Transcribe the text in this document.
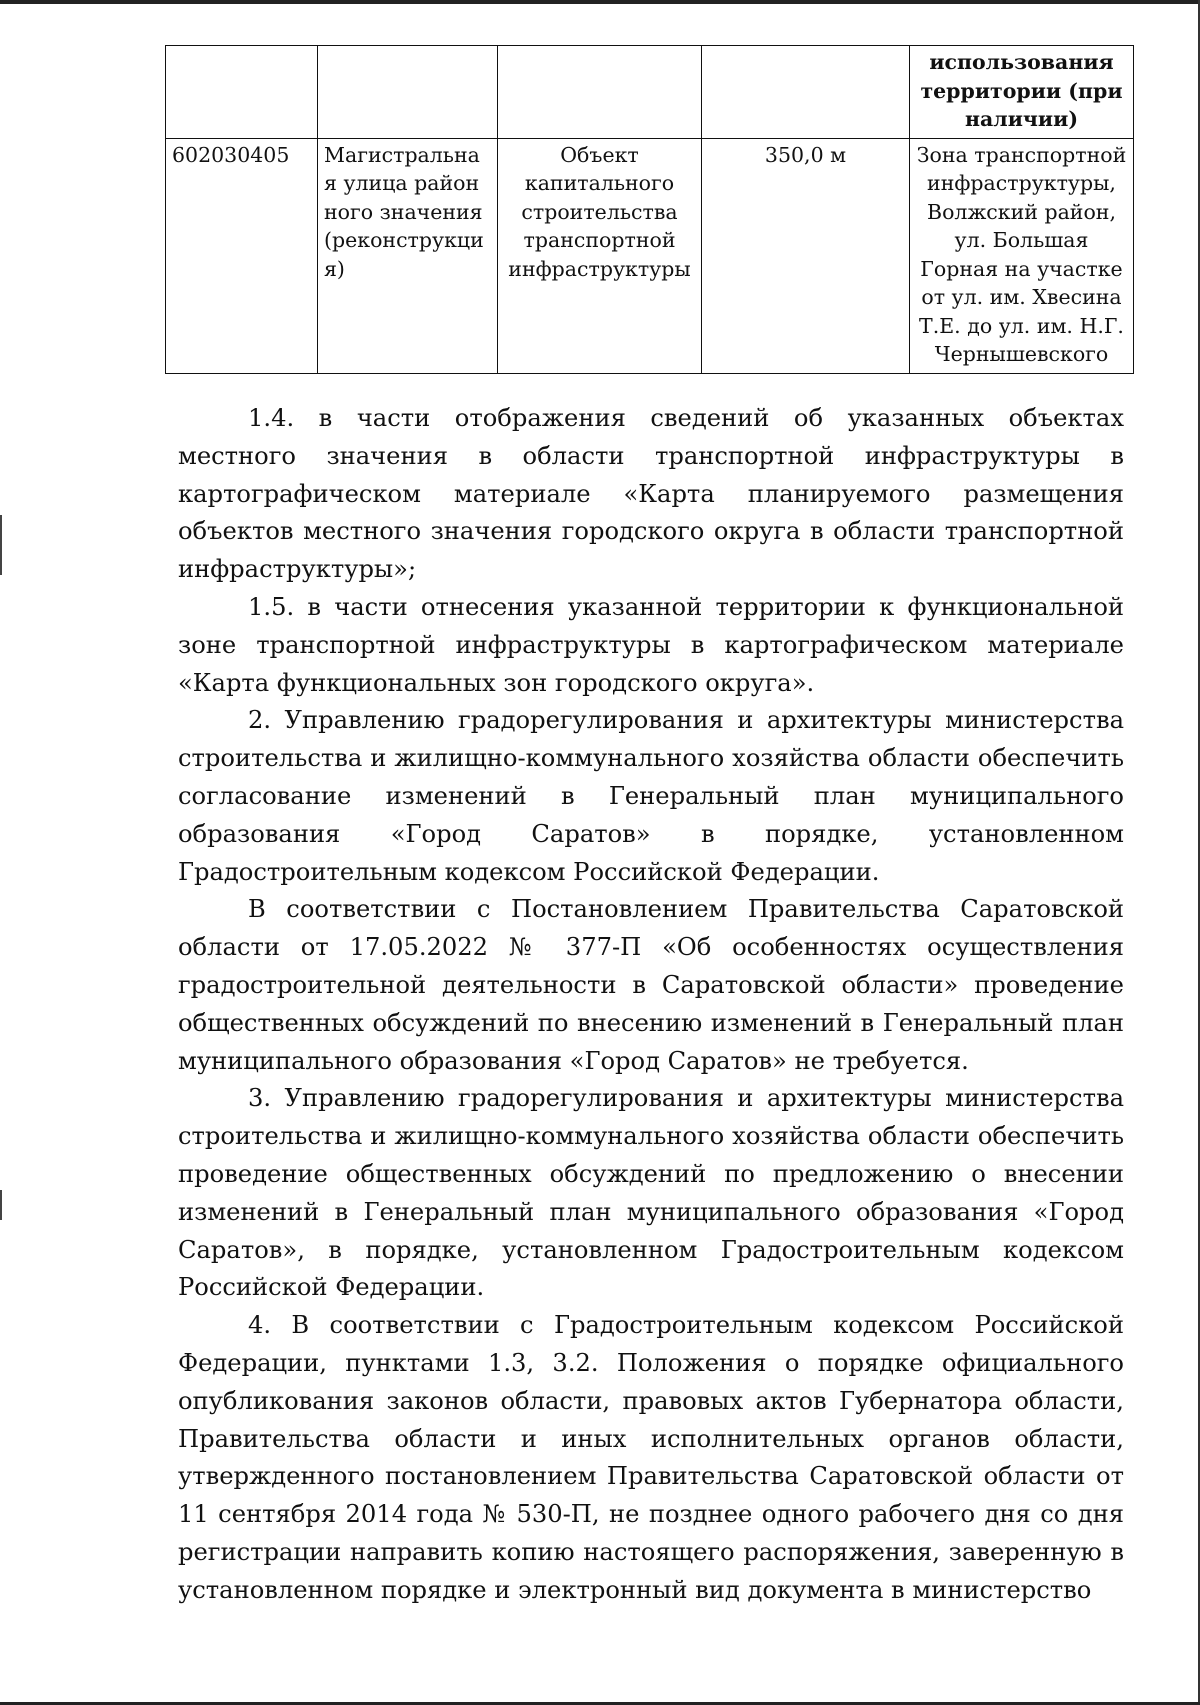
				использования территории (при наличии)
602030405	Магистральная улица районного значения (реконструкция)	Объект капитального строительства транспортной инфраструктуры	350,0 м	Зона транспортной инфраструктуры, Волжский район, ул. Большая Горная на участке от ул. им. Хвесина Т.Е. до ул. им. Н.Г. Чернышевского

1.4. в части отображения сведений об указанных объектах местного значения в области транспортной инфраструктуры в картографическом материале «Карта планируемого размещения объектов местного значения городского округа в области транспортной инфраструктуры»;

1.5. в части отнесения указанной территории к функциональной зоне транспортной инфраструктуры в картографическом материале «Карта функциональных зон городского округа».

2. Управлению градорегулирования и архитектуры министерства строительства и жилищно-коммунального хозяйства области обеспечить согласование изменений в Генеральный план муниципального образования «Город Саратов» в порядке, установленном Градостроительным кодексом Российской Федерации.

В соответствии с Постановлением Правительства Саратовской области от 17.05.2022 № 377-П «Об особенностях осуществления градостроительной деятельности в Саратовской области» проведение общественных обсуждений по внесению изменений в Генеральный план муниципального образования «Город Саратов» не требуется.

3. Управлению градорегулирования и архитектуры министерства строительства и жилищно-коммунального хозяйства области обеспечить проведение общественных обсуждений по предложению о внесении изменений в Генеральный план муниципального образования «Город Саратов», в порядке, установленном Градостроительным кодексом Российской Федерации.

4. В соответствии с Градостроительным кодексом Российской Федерации, пунктами 1.3, 3.2. Положения о порядке официального опубликования законов области, правовых актов Губернатора области, Правительства области и иных исполнительных органов области, утвержденного постановлением Правительства Саратовской области от 11 сентября 2014 года № 530-П, не позднее одного рабочего дня со дня регистрации направить копию настоящего распоряжения, заверенную в установленном порядке и электронный вид документа в министерство
